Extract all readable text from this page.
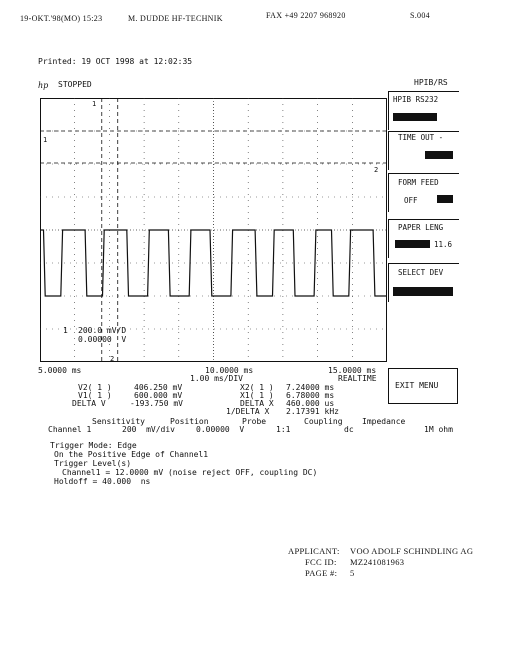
19-OKT.'98(MO) 15:23	M. DUDDE HF-TECHNIK	FAX +49 2207 968920	S.004
Printed: 19 OCT 1998 at 12:02:35
hp STOPPED	HPIB/RS
1
2
1
2
1 200.0 mV/D
0.00000  V
5.0000 ms	10.0000 ms
1.00 ms/DIV
15.0000 ms
REALTIME
HPIB RS232
TIME OUT -
FORM FEED
OFF
PAPER LENG
11.6
SELECT DEV
EXIT MENU
V2( 1 )	406.250 mV
V1( 1 )	600.000 mV
DELTA V	-193.750 mV
X2( 1 ) 7.24000 ms
X1( 1 ) 6.78000 ms
DELTA X 460.000 us
1/DELTA X 2.17391 kHz
Sensitivity	Position	Probe	Coupling Impedance
Channel 1	200  mV/div	0.00000  V	1:1	dc	1M ohm
Trigger Mode: Edge
On the Positive Edge of Channel1
Trigger Level(s)
Channel1 = 12.0000 mV (noise reject OFF, coupling DC)
Holdoff = 40.000  ns
APPLICANT: VOO ADOLF SCHINDLING AG
FCC ID: MZ241081963
PAGE #: 5
